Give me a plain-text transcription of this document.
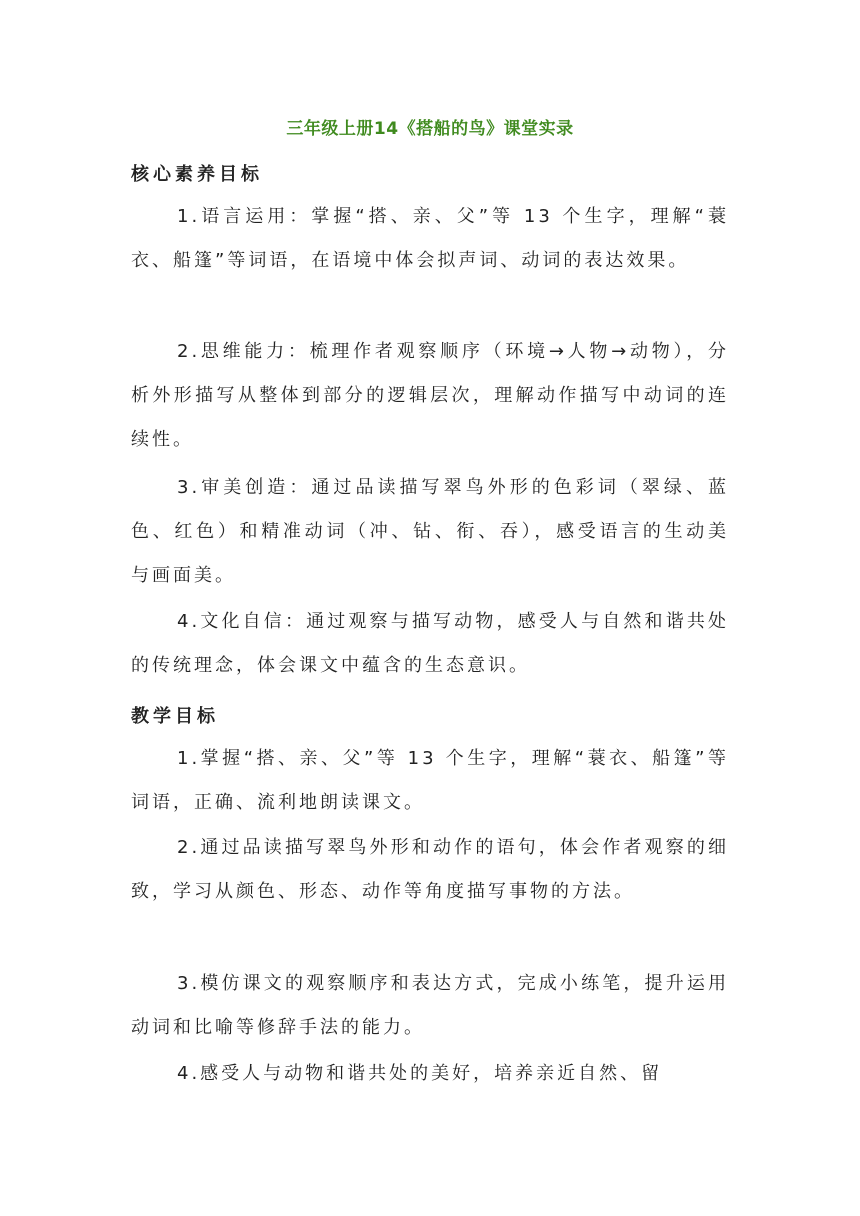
三年级上册14《搭船的鸟》课堂实录
核心素养目标

1.语言运用：掌握“搭、亲、父”等 13 个生字，理解“蓑衣、船篷”等词语，在语境中体会拟声词、动词的表达效果。

2.思维能力：梳理作者观察顺序（环境→人物→动物），分析外形描写从整体到部分的逻辑层次，理解动作描写中动词的连续性。

3.审美创造：通过品读描写翠鸟外形的色彩词（翠绿、蓝色、红色）和精准动词（冲、钻、衔、吞），感受语言的生动美与画面美。

4.文化自信：通过观察与描写动物，感受人与自然和谐共处的传统理念，体会课文中蕴含的生态意识。

教学目标

1.掌握“搭、亲、父”等 13 个生字，理解“蓑衣、船篷”等词语，正确、流利地朗读课文。

2.通过品读描写翠鸟外形和动作的语句，体会作者观察的细致，学习从颜色、形态、动作等角度描写事物的方法。

3.模仿课文的观察顺序和表达方式，完成小练笔，提升运用动词和比喻等修辞手法的能力。

4.感受人与动物和谐共处的美好，培养亲近自然、留
